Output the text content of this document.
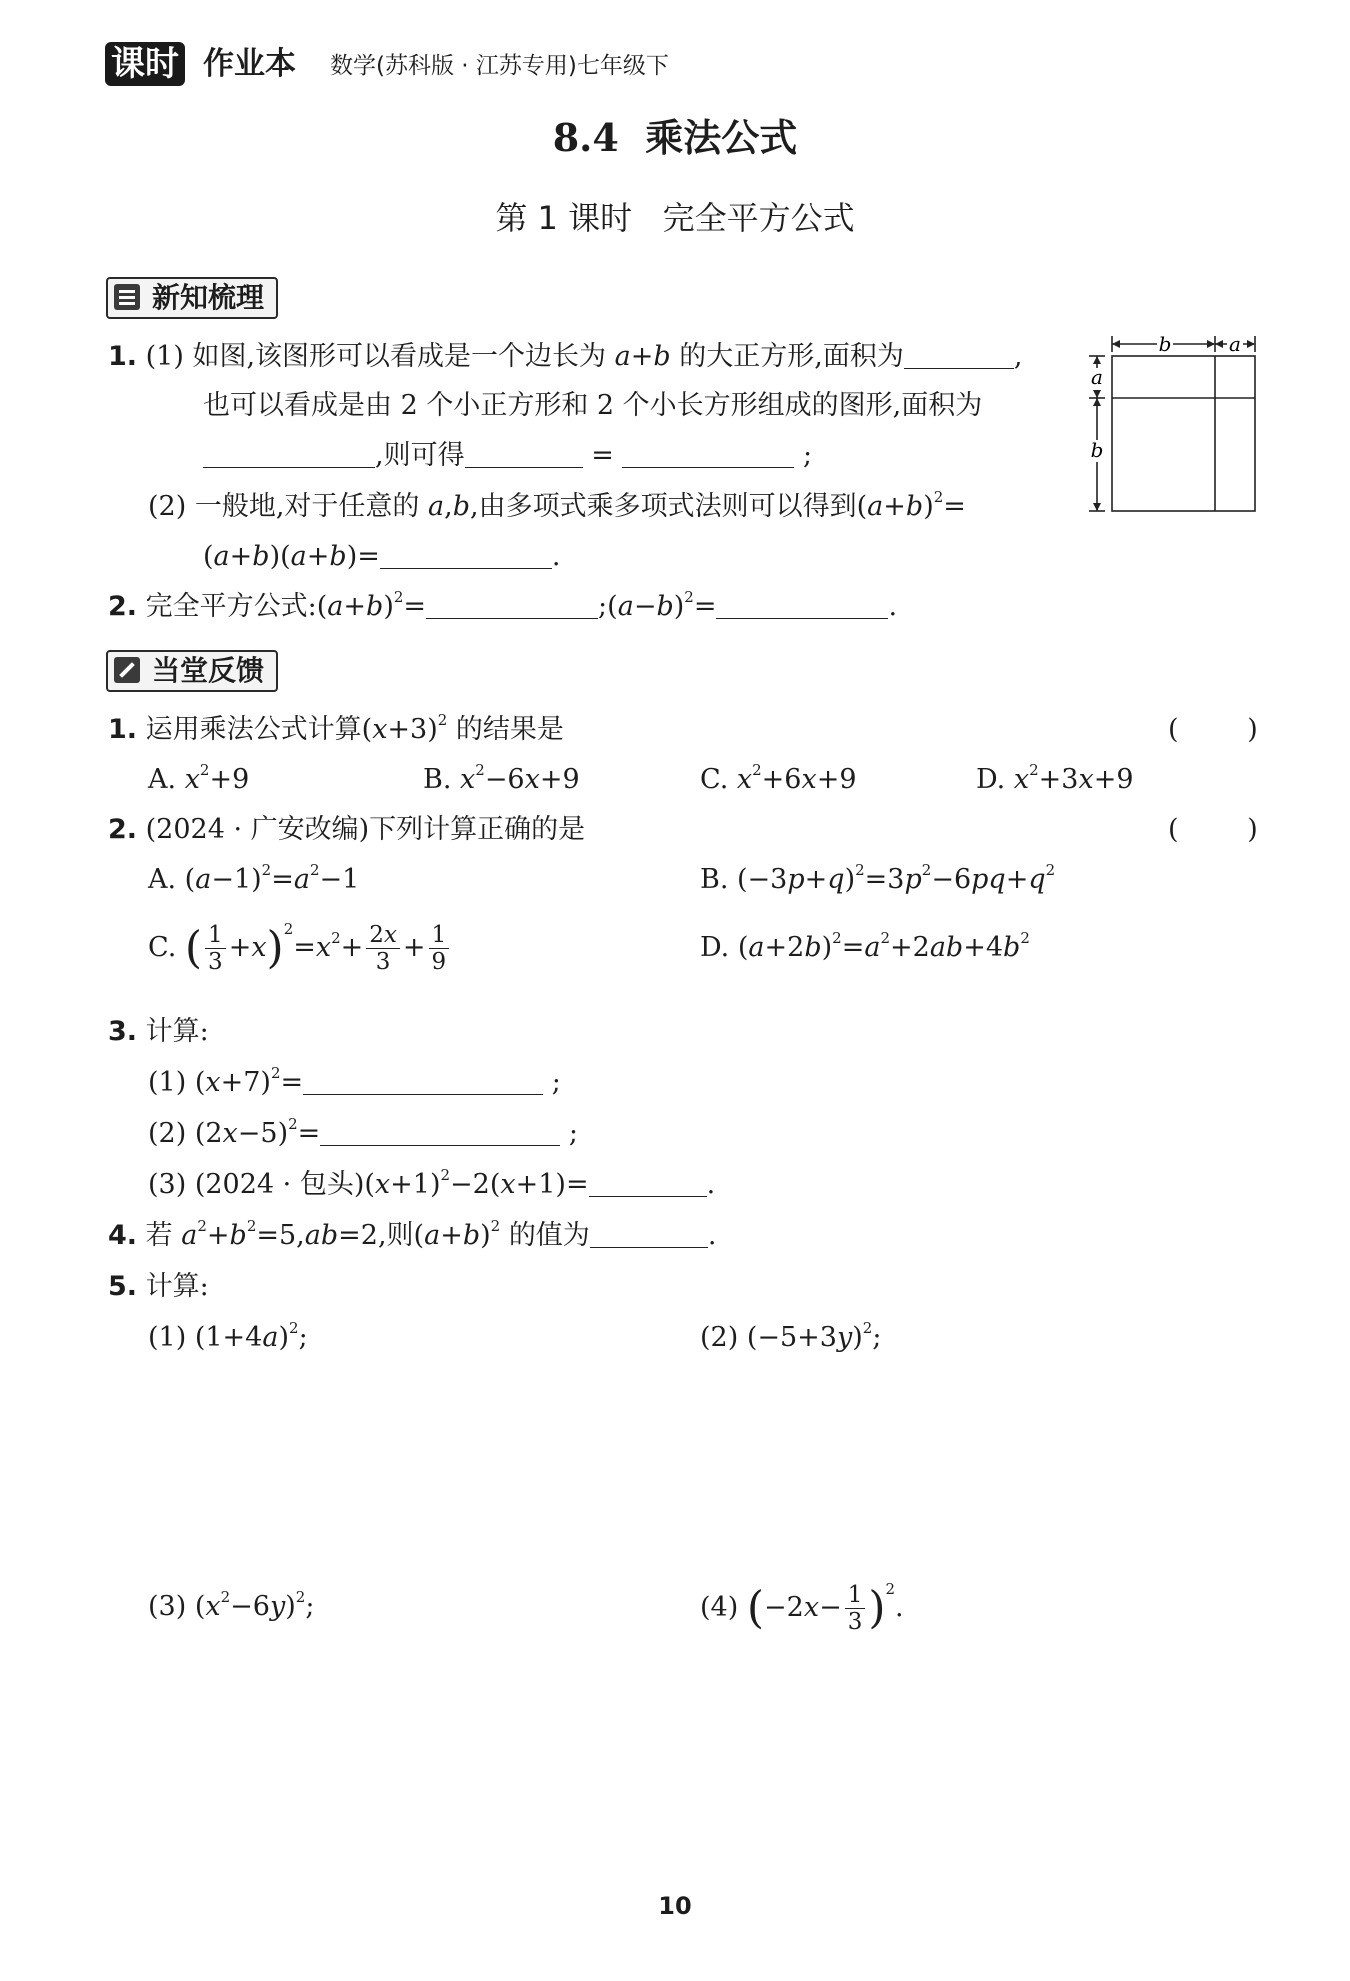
课时 作业本 数学(苏科版 · 江苏专用)七年级下
8.4  乘法公式
第 1 课时   完全平方公式
新知梳理
1. (1) 如图,该图形可以看成是一个边长为 a+b 的大正方形,面积为	,
也可以看成是由 2 个小正方形和 2 个小长方形组成的图形,面积为
,则可得	=	;
(2) 一般地,对于任意的 a,b,由多项式乘多项式法则可以得到$(a+b)^2=$
(a+b)(a+b)=	.
b	a
a
b
2. 完全平方公式$:(a+b)^2=$	$;(a-b)^2=$	.
当堂反馈
1. 运用乘法公式计算$(x+3)^2$ 的结果是	(        )
A. $x^2+9$	B. $x^2-6x+9$	C. $x^2+6x+9$	D. $x^2+3x+9$
2. (2024 · 广安改编)下列计算正确的是	(        )
A. $(a-1)^2=a^2-1$	B. $(-3p+q)^2=3p^2-6pq+q^2$
C. ( $\frac{1}{3} +x)^2=x^2+ \frac{2x}{3} + \frac{1}{9}$	D. $(a+2b)^2=a^2+2ab+4b^2$
3. 计算:
(1) $(x+7)^2=$	;
(2) $(2x-5)^2=$	;
(3) (2024 · 包头)$(x+1)^2-2(x+1)=$	.
4. 若 $a^2+b^2=5,ab=2$,则$(a+b)^2$ 的值为	.
5. 计算:
(1) $(1+4a)^2$;	(2) $(-5+3y)^2$;
(3) $(x^2-6y)^2$;	(4) $(-2x- \frac{1}{3} )^2$.
10
